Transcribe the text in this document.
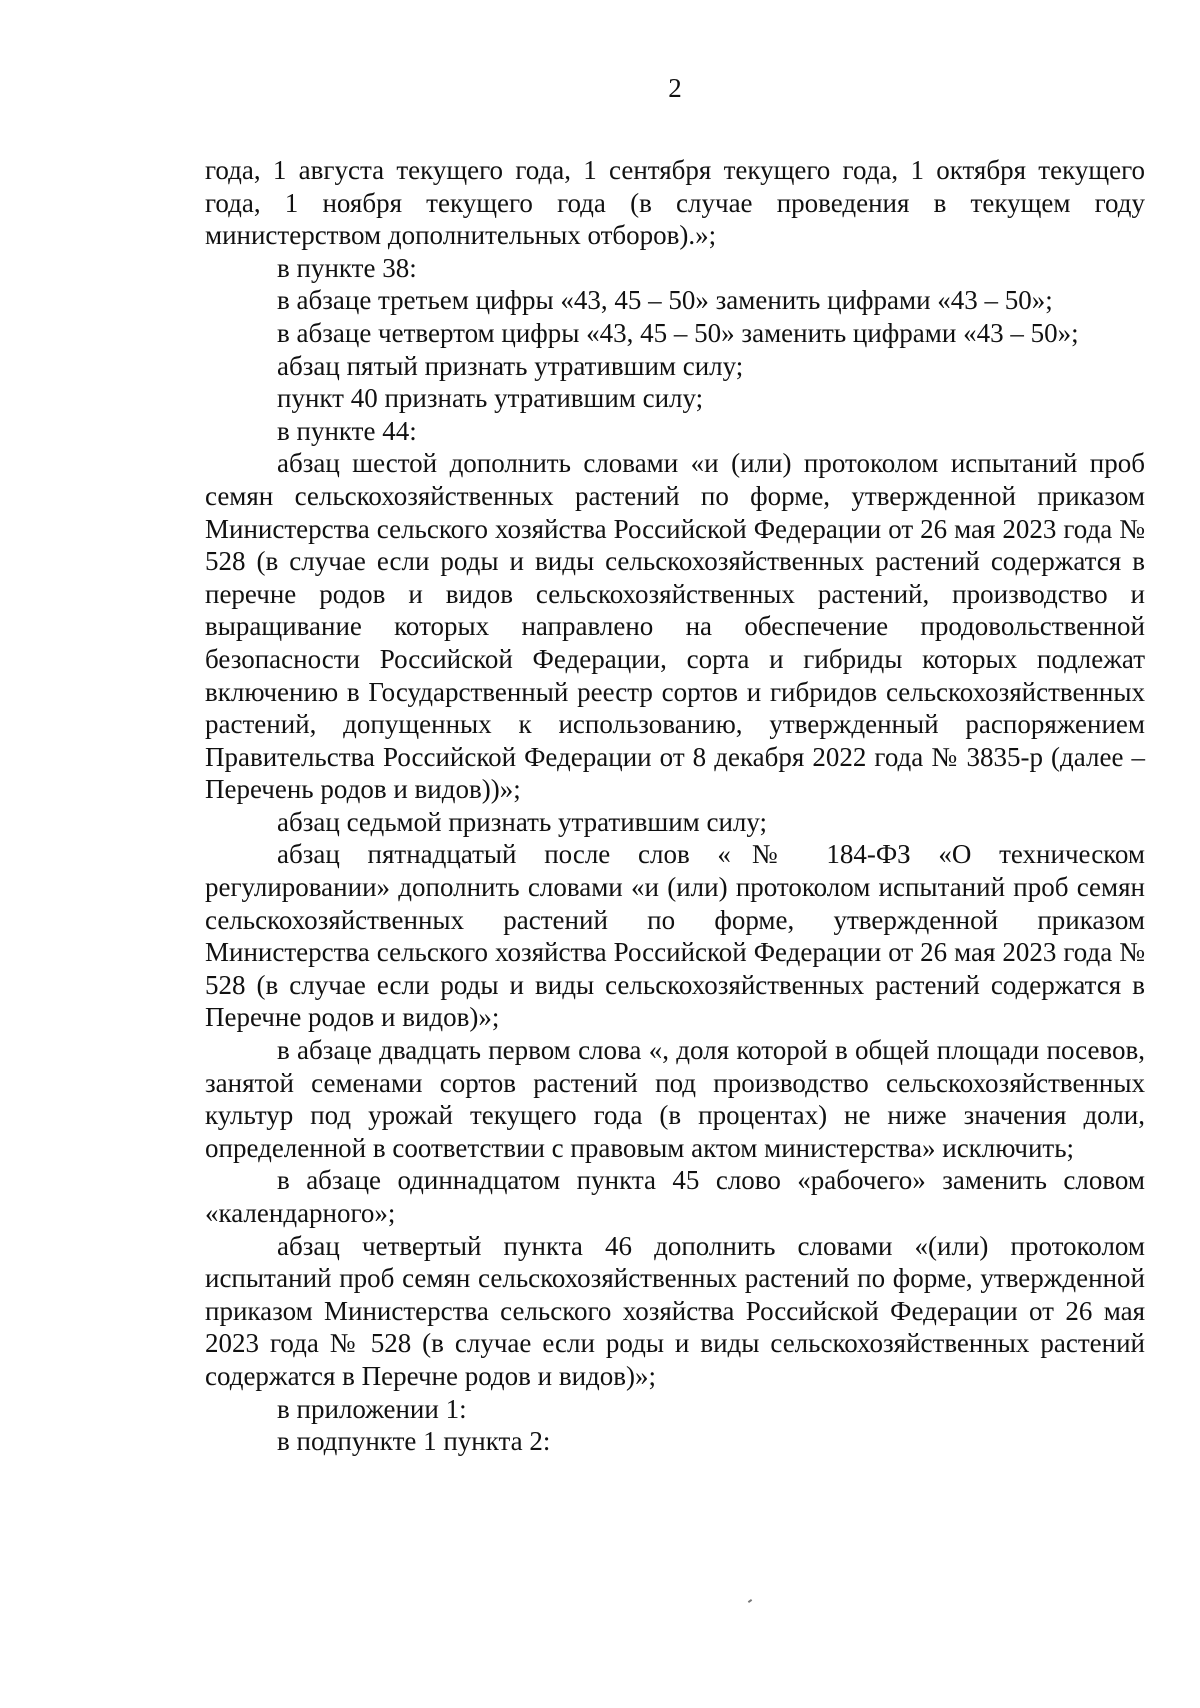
2

года, 1 августа текущего года, 1 сентября текущего года, 1 октября текущего года, 1 ноября текущего года (в случае проведения в текущем году министерством дополнительных отборов).»;

в пункте 38:

в абзаце третьем цифры «43, 45 – 50» заменить цифрами «43 – 50»;

в абзаце четвертом цифры «43, 45 – 50» заменить цифрами «43 – 50»;

абзац пятый признать утратившим силу;

пункт 40 признать утратившим силу;

в пункте 44:

абзац шестой дополнить словами «и (или) протоколом испытаний проб семян сельскохозяйственных растений по форме, утвержденной приказом Министерства сельского хозяйства Российской Федерации от 26 мая 2023 года № 528 (в случае если роды и виды сельскохозяйственных растений содержатся в перечне родов и видов сельскохозяйственных растений, производство и выращивание которых направлено на обеспечение продовольственной безопасности Российской Федерации, сорта и гибриды которых подлежат включению в Государственный реестр сортов и гибридов сельскохозяйственных растений, допущенных к использованию, утвержденный распоряжением Правительства Российской Федерации от 8 декабря 2022 года № 3835-р (далее – Перечень родов и видов))»;

абзац седьмой признать утратившим силу;

абзац пятнадцатый после слов «№ 184-ФЗ «О техническом регулировании» дополнить словами «и (или) протоколом испытаний проб семян сельскохозяйственных растений по форме, утвержденной приказом Министерства сельского хозяйства Российской Федерации от 26 мая 2023 года № 528 (в случае если роды и виды сельскохозяйственных растений содержатся в Перечне родов и видов)»;

в абзаце двадцать первом слова «, доля которой в общей площади посевов, занятой семенами сортов растений под производство сельскохозяйственных культур под урожай текущего года (в процентах) не ниже значения доли, определенной в соответствии с правовым актом министерства» исключить;

в абзаце одиннадцатом пункта 45 слово «рабочего» заменить словом «календарного»;

абзац четвертый пункта 46 дополнить словами «(или) протоколом испытаний проб семян сельскохозяйственных растений по форме, утвержденной приказом Министерства сельского хозяйства Российской Федерации от 26 мая 2023 года № 528 (в случае если роды и виды сельскохозяйственных растений содержатся в Перечне родов и видов)»;

в приложении 1:

в подпункте 1 пункта 2:
